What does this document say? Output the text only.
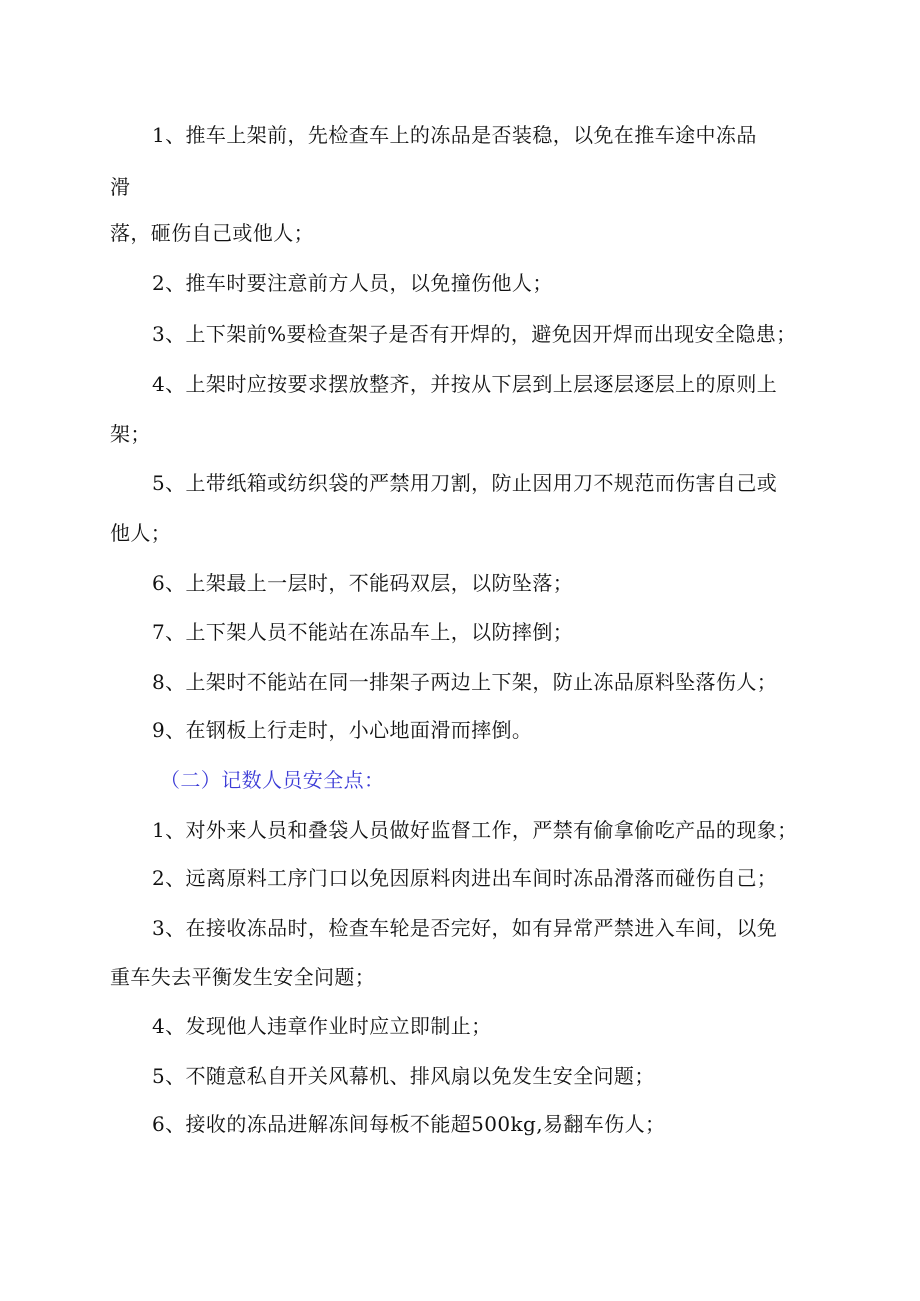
1、推车上架前，先检查车上的冻品是否装稳，以免在推车途中冻品
滑
落，砸伤自己或他人；
2、推车时要注意前方人员，以免撞伤他人；
3、上下架前%要检查架子是否有开焊的，避免因开焊而出现安全隐患；
4、上架时应按要求摆放整齐，并按从下层到上层逐层逐层上的原则上
架；
5、上带纸箱或纺织袋的严禁用刀割，防止因用刀不规范而伤害自己或
他人；
6、上架最上一层时，不能码双层，以防坠落；
7、上下架人员不能站在冻品车上，以防摔倒；
8、上架时不能站在同一排架子两边上下架，防止冻品原料坠落伤人；
9、在钢板上行走时，小心地面滑而摔倒。
（二）记数人员安全点：
1、对外来人员和叠袋人员做好监督工作，严禁有偷拿偷吃产品的现象；
2、远离原料工序门口以免因原料肉进出车间时冻品滑落而碰伤自己；
3、在接收冻品时，检查车轮是否完好，如有异常严禁进入车间，以免
重车失去平衡发生安全问题；
4、发现他人违章作业时应立即制止；
5、不随意私自开关风幕机、排风扇以免发生安全问题；
6、接收的冻品进解冻间每板不能超500kg,易翻车伤人；
